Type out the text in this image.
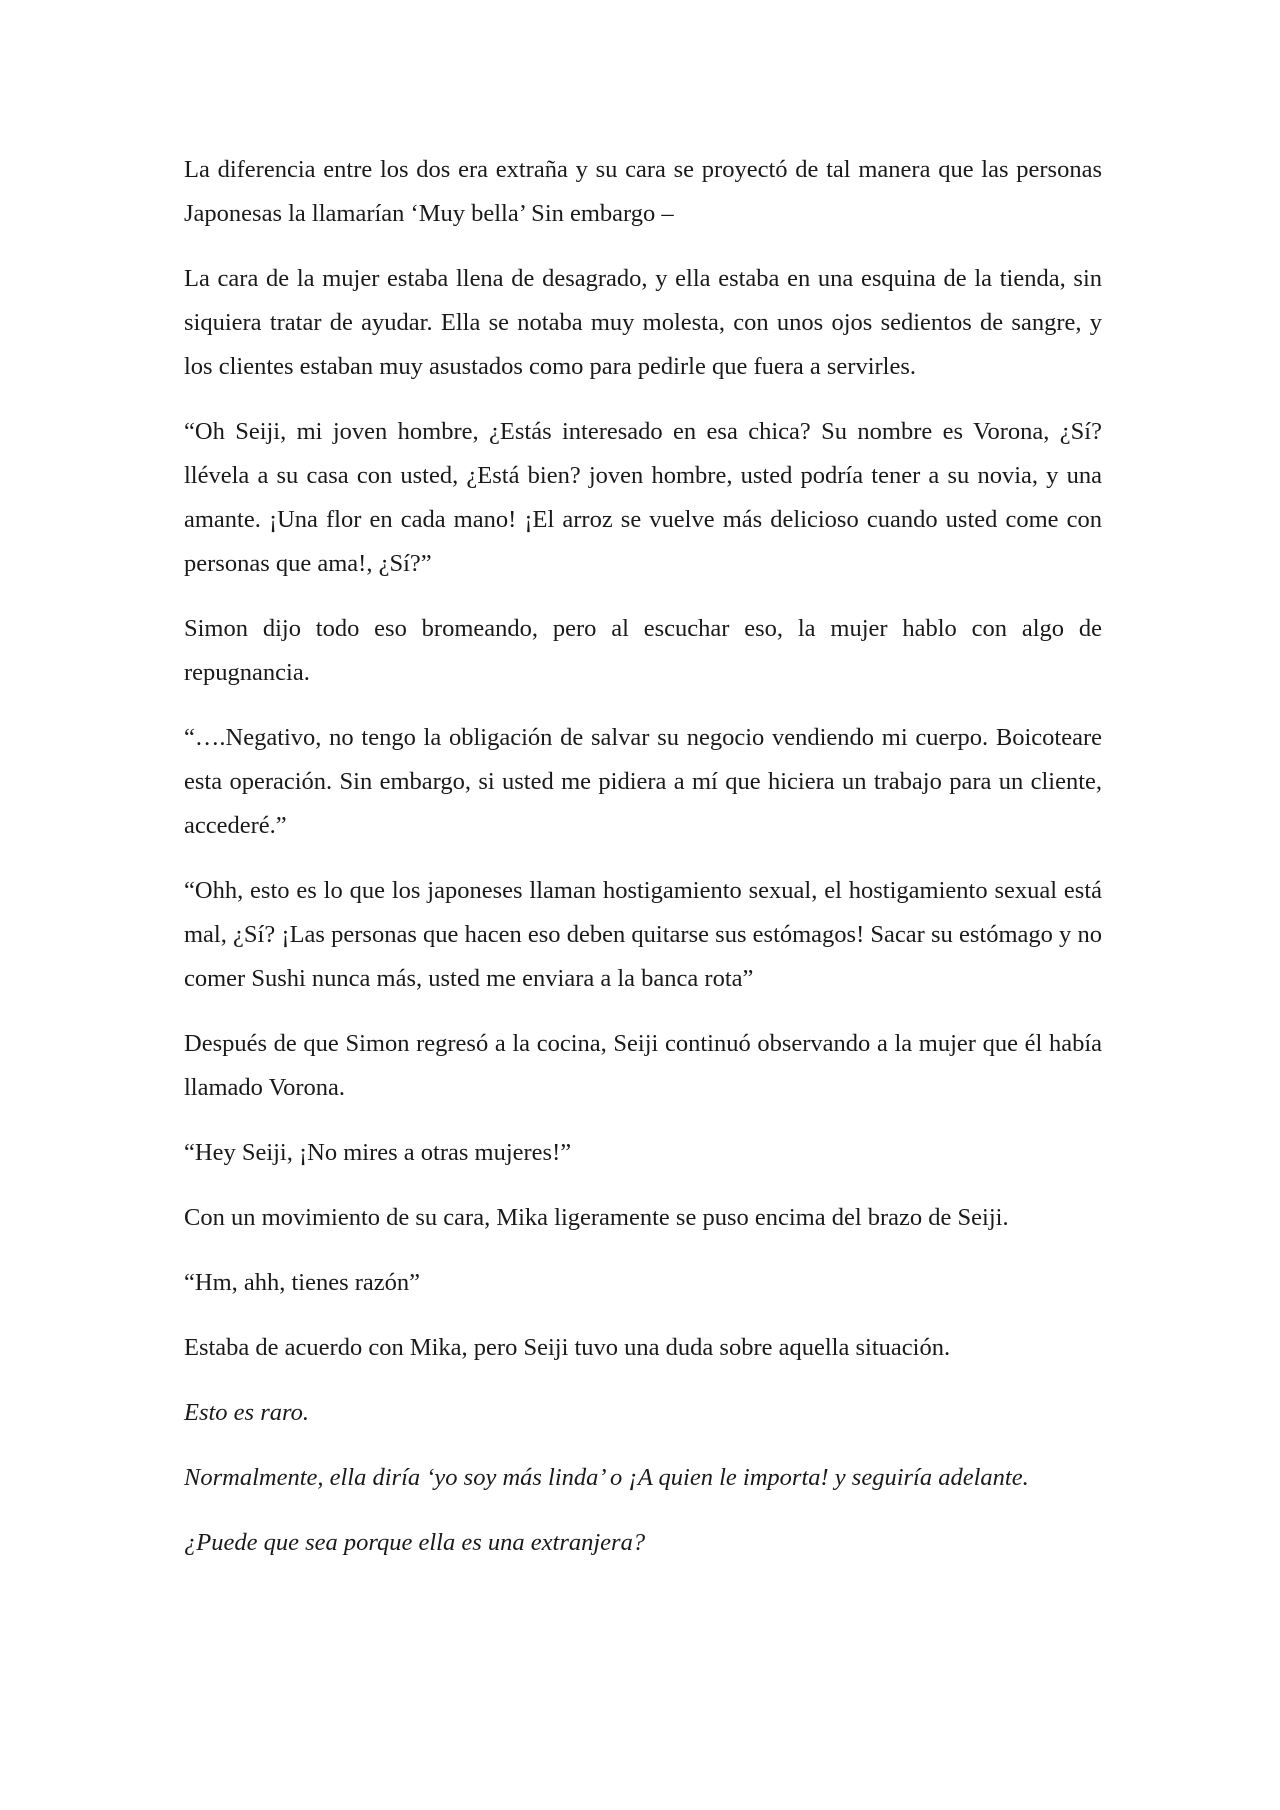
La diferencia entre los dos era extraña y su cara se proyectó de tal manera que las personas Japonesas la llamarían ‘Muy bella’ Sin embargo –

La cara de la mujer estaba llena de desagrado, y ella estaba en una esquina de la tienda, sin siquiera tratar de ayudar. Ella se notaba muy molesta, con unos ojos sedientos de sangre, y los clientes estaban muy asustados como para pedirle que fuera a servirles.

“Oh Seiji, mi joven hombre, ¿Estás interesado en esa chica? Su nombre es Vorona, ¿Sí? llévela a su casa con usted, ¿Está bien? joven hombre, usted podría tener a su novia, y una amante. ¡Una flor en cada mano! ¡El arroz se vuelve más delicioso cuando usted come con personas que ama!, ¿Sí?”

Simon dijo todo eso bromeando, pero al escuchar eso, la mujer hablo con algo de repugnancia.

“….Negativo, no tengo la obligación de salvar su negocio vendiendo mi cuerpo. Boicoteare esta operación. Sin embargo, si usted me pidiera a mí que hiciera un trabajo para un cliente, accederé.”

“Ohh, esto es lo que los japoneses llaman hostigamiento sexual, el hostigamiento sexual está mal, ¿Sí? ¡Las personas que hacen eso deben quitarse sus estómagos! Sacar su estómago y no comer Sushi nunca más, usted me enviara a la banca rota”

Después de que Simon regresó a la cocina, Seiji continuó observando a la mujer que él había llamado Vorona.

“Hey Seiji, ¡No mires a otras mujeres!”

Con un movimiento de su cara, Mika ligeramente se puso encima del brazo de Seiji.

“Hm, ahh, tienes razón”

Estaba de acuerdo con Mika, pero Seiji tuvo una duda sobre aquella situación.

Esto es raro.

Normalmente, ella diría ‘yo soy más linda’ o ¡A quien le importa! y seguiría adelante.

¿Puede que sea porque ella es una extranjera?
